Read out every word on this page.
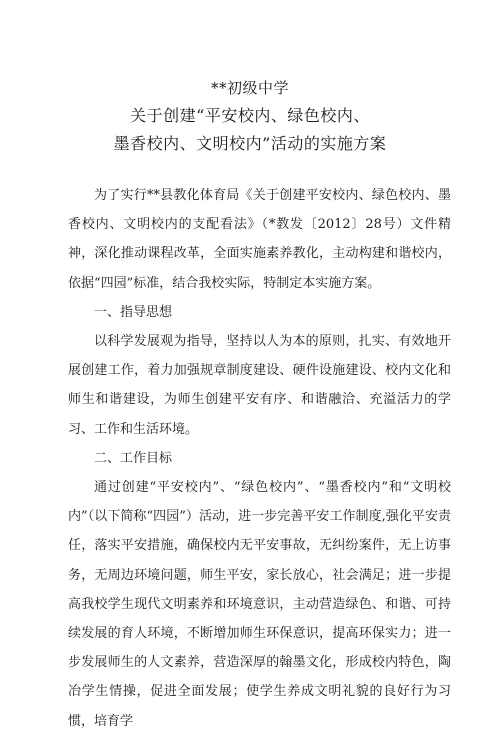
**初级中学
关于创建“平安校内、绿色校内、
墨香校内、文明校内”活动的实施方案

为了实行**县教化体育局《关于创建平安校内、绿色校内、墨香校内、文明校内的支配看法》（*教发〔2012〕28号）文件精神，深化推动课程改革，全面实施素养教化，主动构建和谐校内，依据“四园”标准，结合我校实际，特制定本实施方案。

一、指导思想

以科学发展观为指导，坚持以人为本的原则，扎实、有效地开展创建工作，着力加强规章制度建设、硬件设施建设、校内文化和师生和谐建设，为师生创建平安有序、和谐融洽、充溢活力的学习、工作和生活环境。

二、工作目标

通过创建“平安校内”、“绿色校内”、“墨香校内”和“文明校内”（以下简称“四园”）活动，进一步完善平安工作制度,强化平安责任，落实平安措施，确保校内无平安事故，无纠纷案件，无上访事务，无周边环境问题，师生平安，家长放心，社会满足；进一步提高我校学生现代文明素养和环境意识，主动营造绿色、和谐、可持续发展的育人环境，不断增加师生环保意识，提高环保实力；进一步发展师生的人文素养，营造深厚的翰墨文化，形成校内特色，陶冶学生情操，促进全面发展；使学生养成文明礼貌的良好行为习惯，培育学
